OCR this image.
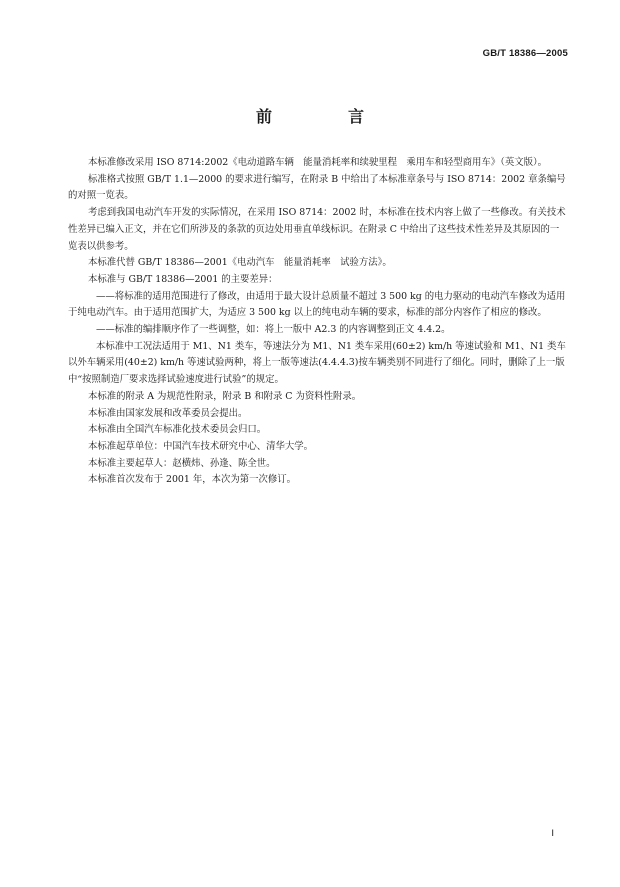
GB/T 18386—2005
前　言

本标准修改采用 ISO 8714:2002《电动道路车辆　能量消耗率和续驶里程　乘用车和轻型商用车》（英文版）。

标准格式按照 GB/T 1.1—2000 的要求进行编写，在附录 B 中给出了本标准章条号与 ISO 8714：2002 章条编号的对照一览表。

考虑到我国电动汽车开发的实际情况，在采用 ISO 8714：2002 时，本标准在技术内容上做了一些修改。有关技术性差异已编入正文，并在它们所涉及的条款的页边处用垂直单线标识。在附录 C 中给出了这些技术性差异及其原因的一览表以供参考。

本标准代替 GB/T 18386—2001《电动汽车　能量消耗率　试验方法》。

本标准与 GB/T 18386—2001 的主要差异：

——将标准的适用范围进行了修改，由适用于最大设计总质量不超过 3 500 kg 的电力驱动的电动汽车修改为适用于纯电动汽车。由于适用范围扩大，为适应 3 500 kg 以上的纯电动车辆的要求，标准的部分内容作了相应的修改。

——标准的编排顺序作了一些调整，如：将上一版中 A2.3 的内容调整到正文 4.4.2。

本标准中工况法适用于 M1、N1 类车，等速法分为 M1、N1 类车采用(60±2) km/h 等速试验和 M1、N1 类车以外车辆采用(40±2) km/h 等速试验两种，将上一版等速法(4.4.4.3)按车辆类别不同进行了细化。同时，删除了上一版中“按照制造厂要求选择试验速度进行试验”的规定。

本标准的附录 A 为规范性附录，附录 B 和附录 C 为资料性附录。

本标准由国家发展和改革委员会提出。

本标准由全国汽车标准化技术委员会归口。

本标准起草单位：中国汽车技术研究中心、清华大学。

本标准主要起草人：赵横炜、孙逢、陈全世。

本标准首次发布于 2001 年，本次为第一次修订。

I
